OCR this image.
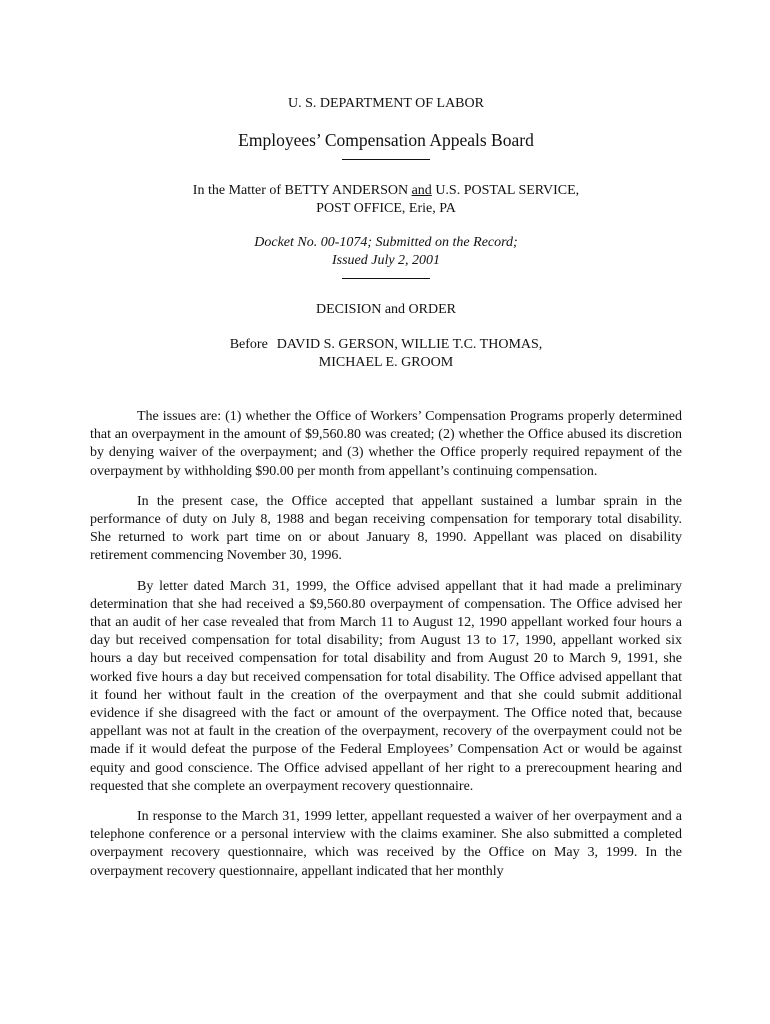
U. S. DEPARTMENT OF LABOR
Employees’ Compensation Appeals Board
In the Matter of BETTY ANDERSON and U.S. POSTAL SERVICE,
POST OFFICE, Erie, PA
Docket No. 00-1074; Submitted on the Record;
Issued July 2, 2001
DECISION and ORDER
Before DAVID S. GERSON, WILLIE T.C. THOMAS,
MICHAEL E. GROOM

The issues are: (1) whether the Office of Workers’ Compensation Programs properly determined that an overpayment in the amount of $9,560.80 was created; (2) whether the Office abused its discretion by denying waiver of the overpayment; and (3) whether the Office properly required repayment of the overpayment by withholding $90.00 per month from appellant’s continuing compensation.

In the present case, the Office accepted that appellant sustained a lumbar sprain in the performance of duty on July 8, 1988 and began receiving compensation for temporary total disability. She returned to work part time on or about January 8, 1990. Appellant was placed on disability retirement commencing November 30, 1996.

By letter dated March 31, 1999, the Office advised appellant that it had made a preliminary determination that she had received a $9,560.80 overpayment of compensation. The Office advised her that an audit of her case revealed that from March 11 to August 12, 1990 appellant worked four hours a day but received compensation for total disability; from August 13 to 17, 1990, appellant worked six hours a day but received compensation for total disability and from August 20 to March 9, 1991, she worked five hours a day but received compensation for total disability. The Office advised appellant that it found her without fault in the creation of the overpayment and that she could submit additional evidence if she disagreed with the fact or amount of the overpayment. The Office noted that, because appellant was not at fault in the creation of the overpayment, recovery of the overpayment could not be made if it would defeat the purpose of the Federal Employees’ Compensation Act or would be against equity and good conscience. The Office advised appellant of her right to a prerecoupment hearing and requested that she complete an overpayment recovery questionnaire.

In response to the March 31, 1999 letter, appellant requested a waiver of her overpayment and a telephone conference or a personal interview with the claims examiner. She also submitted a completed overpayment recovery questionnaire, which was received by the Office on May 3, 1999. In the overpayment recovery questionnaire, appellant indicated that her monthly
